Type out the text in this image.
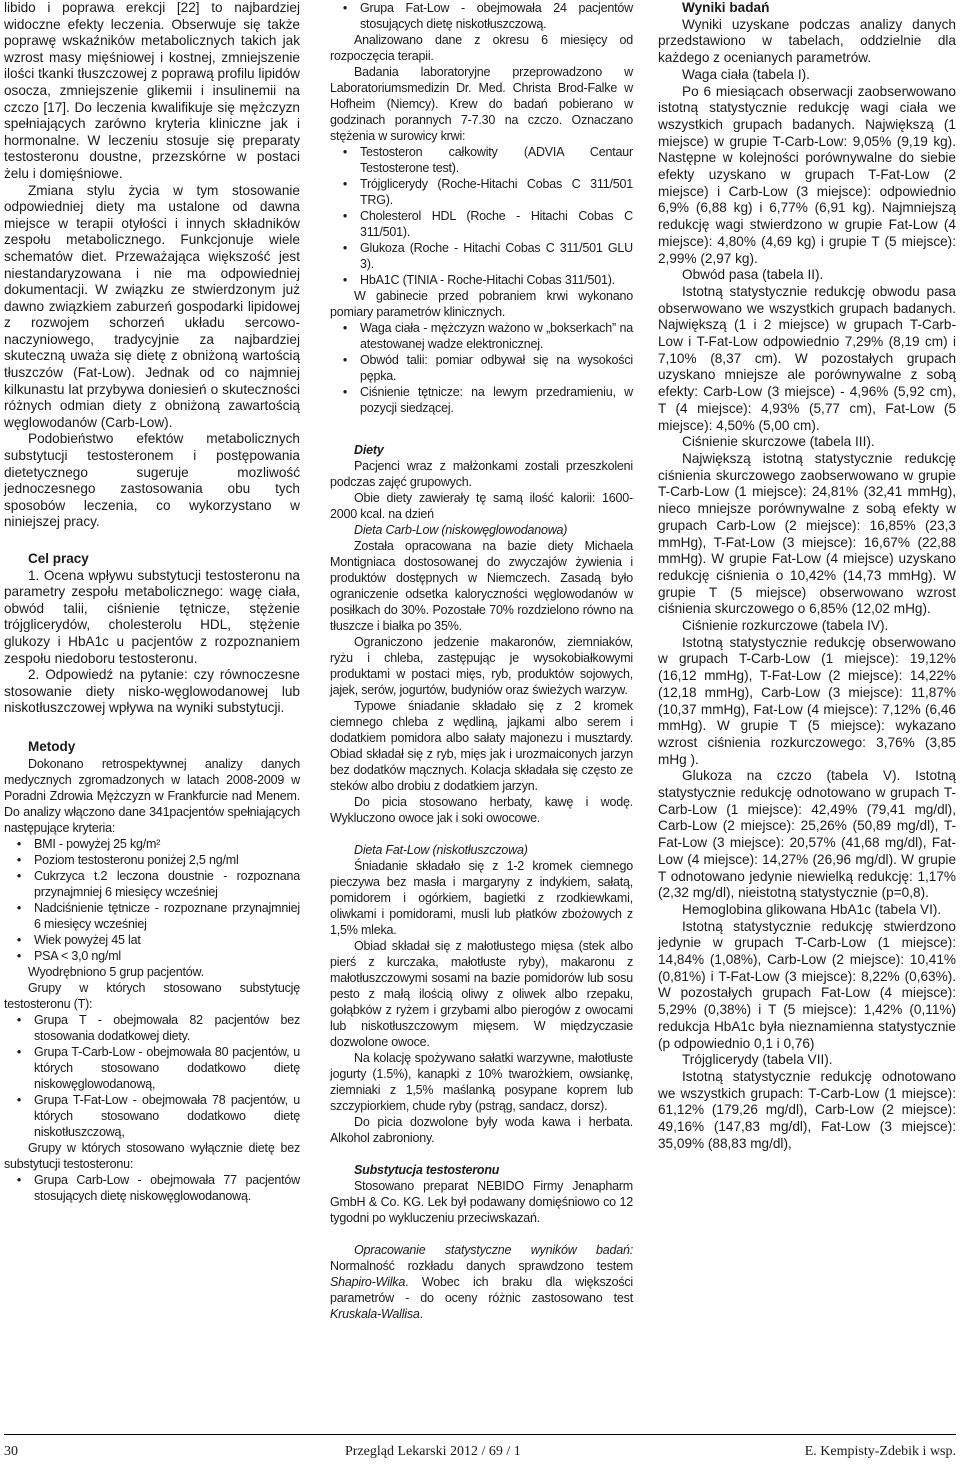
libido i poprawa erekcji [22] to najbardziej widoczne efekty leczenia. Obserwuje się także poprawę wskaźników metabolicznych takich jak wzrost masy mięśniowej i kostnej, zmniejszenie ilości tkanki tłuszczowej z poprawą profilu lipidów osocza, zmniejszenie glikemii i insulinemii na czczo [17]. Do leczenia kwalifikuje się mężczyzn spełniających zarówno kryteria kliniczne jak i hormonalne. W leczeniu stosuje się preparaty testosteronu doustne, przezskórne w postaci żelu i domięśniowe.

Zmiana stylu życia w tym stosowanie odpowiedniej diety ma ustalone od dawna miejsce w terapii otyłości i innych składników zespołu metabolicznego. Funkcjonuje wiele schematów diet. Przeważająca większość jest niestandaryzowana i nie ma odpowiedniej dokumentacji. W związku ze stwierdzonym już dawno związkiem zaburzeń gospodarki lipidowej z rozwojem schorzeń układu sercowo-naczyniowego, tradycyjnie za najbardziej skuteczną uważa się dietę z obniżoną wartością tłuszczów (Fat-Low). Jednak od co najmniej kilkunastu lat przybywa doniesień o skuteczności różnych odmian diety z obniżoną zawartością węglowodanów (Carb-Low).

Podobieństwo efektów metabolicznych substytucji testosteronem i postępowania dietetycznego sugeruje mozliwość jednoczesnego zastosowania obu tych sposobów leczenia, co wykorzystano w niniejszej pracy.

Cel pracy

1. Ocena wpływu substytucji testosteronu na parametry zespołu metabolicznego: wagę ciała, obwód talii, ciśnienie tętnicze, stężenie trójglicerydów, cholesterolu HDL, stężenie glukozy i HbA1c u pacjentów z rozpoznaniem zespołu niedoboru testosteronu.

2. Odpowiedź na pytanie: czy równoczesne stosowanie diety nisko-węglowodanowej lub niskotłuszczowej wpływa na wyniki substytucji.

Metody

Dokonano retrospektywnej analizy danych medycznych zgromadzonych w latach 2008-2009 w Poradni Zdrowia Mężczyzn w Frankfurcie nad Menem. Do analizy włączono dane 341pacjentów spełniających następujące kryteria:

• BMI - powyżej 25 kg/m²

• Poziom testosteronu poniżej 2,5 ng/ml

• Cukrzyca t.2 leczona doustnie - rozpoznana przynajmniej 6 miesięcy wcześniej

• Nadciśnienie tętnicze - rozpoznane przynajmniej 6 miesięcy wcześniej

• Wiek powyżej 45 lat

• PSA < 3,0 ng/ml

Wyodrębniono 5 grup pacjentów.

Grupy w których stosowano substytucję testosteronu (T):

• Grupa T - obejmowała 82 pacjentów bez stosowania dodatkowej diety.

• Grupa T-Carb-Low - obejmowała 80 pacjentów, u których stosowano dodatkowo dietę niskowęglowodanową,

• Grupa T-Fat-Low - obejmowała 78 pacjentów, u których stosowano dodatkowo dietę niskotłuszczową,

Grupy w których stosowano wyłącznie dietę bez substytucji testosteronu:

• Grupa Carb-Low - obejmowała 77 pacjentów stosujących dietę niskowęglowodanową.

• Grupa Fat-Low - obejmowała 24 pacjentów stosujących dietę niskotłuszczową.

Analizowano dane z okresu 6 miesięcy od rozpoczęcia terapii.

Badania laboratoryjne przeprowadzono w Laboratoriumsmedizin Dr. Med. Christa Brod-Falke w Hofheim (Niemcy). Krew do badań pobierano w godzinach porannych 7-7.30 na czczo. Oznaczano stężenia w surowicy krwi:

• Testosteron całkowity (ADVIA Centaur Testosterone test).

• Trójglicerydy (Roche-Hitachi Cobas C 311/501 TRG).

• Cholesterol HDL (Roche - Hitachi Cobas C 311/501).

• Glukoza (Roche - Hitachi Cobas C 311/501 GLU 3).

• HbA1C (TINIA - Roche-Hitachi Cobas 311/501).

W gabinecie przed pobraniem krwi wykonano pomiary parametrów klinicznych.

• Waga ciała - mężczyzn ważono w „bokserkach” na atestowanej wadze elektronicznej.

• Obwód talii: pomiar odbywał się na wysokości pępka.

• Ciśnienie tętnicze: na lewym przedramieniu, w pozycji siedzącej.

Diety

Pacjenci wraz z małżonkami zostali przeszkoleni podczas zajęć grupowych.

Obie diety zawierały tę samą ilość kalorii: 1600-2000 kcal. na dzień

Dieta Carb-Low (niskowęglowodanowa)

Została opracowana na bazie diety Michaela Montigniaca dostosowanej do zwyczajów żywienia i produktów dostępnych w Niemczech. Zasadą było ograniczenie odsetka kaloryczności węglowodanów w posiłkach do 30%. Pozostałe 70% rozdzielono równo na tłuszcze i białka po 35%.

Ograniczono jedzenie makaronów, ziemniaków, ryżu i chleba, zastępując je wysokobiałkowymi produktami w postaci mięs, ryb, produktów sojowych, jajek, serów, jogurtów, budyniów oraz świeżych warzyw.

Typowe śniadanie składało się z 2 kromek ciemnego chleba z wędliną, jajkami albo serem i dodatkiem pomidora albo sałaty majonezu i musztardy. Obiad składał się z ryb, mięs jak i urozmaiconych jarzyn bez dodatków mącznych. Kolacja składała się często ze steków albo drobiu z dodatkiem jarzyn.

Do picia stosowano herbaty, kawę i wodę. Wykluczono owoce jak i soki owocowe.

Dieta Fat-Low (niskotłuszczowa)

Śniadanie składało się z 1-2 kromek ciemnego pieczywa bez masła i margaryny z indykiem, sałatą, pomidorem i ogórkiem, bagietki z rzodkiewkami, oliwkami i pomidorami, musli lub płatków zbożowych z 1,5% mleka.

Obiad składał się z małotłustego mięsa (stek albo pierś z kurczaka, małotłuste ryby), makaronu z małotłuszczowymi sosami na bazie pomidorów lub sosu pesto z małą ilością oliwy z oliwek albo rzepaku, gołąbków z ryżem i grzybami albo pierogów z owocami lub niskotłuszczowym mięsem. W międzyczasie dozwolone owoce.

Na kolację spożywano sałatki warzywne, małotłuste jogurty (1.5%), kanapki z 10% twarożkiem, owsiankę, ziemniaki z 1,5% maślanką posypane koprem lub szczypiorkiem, chude ryby (pstrąg, sandacz, dorsz).

Do picia dozwolone były woda kawa i herbata. Alkohol zabroniony.

Substytucja testosteronu

Stosowano preparat NEBIDO Firmy Jenapharm GmbH & Co. KG. Lek był podawany domięśniowo co 12 tygodni po wykluczeniu przeciwskazań.

Opracowanie statystyczne wyników badań: Normalność rozkładu danych sprawdzono testem Shapiro-Wilka. Wobec ich braku dla większości parametrów - do oceny różnic zastosowano test Kruskala-Wallisa.

Wyniki badań

Wyniki uzyskane podczas analizy danych przedstawiono w tabelach, oddzielnie dla każdego z ocenianych parametrów.

Waga ciała (tabela I).

Po 6 miesiącach obserwacji zaobserwowano istotną statystycznie redukcję wagi ciała we wszystkich grupach badanych. Największą (1 miejsce) w grupie T-Carb-Low: 9,05% (9,19 kg). Następne w kolejności porównywalne do siebie efekty uzyskano w grupach T-Fat-Low (2 miejsce) i Carb-Low (3 miejsce): odpowiednio 6,9% (6,88 kg) i 6,77% (6,91 kg). Najmniejszą redukcję wagi stwierdzono w grupie Fat-Low (4 miejsce): 4,80% (4,69 kg) i grupie T (5 miejsce): 2,99% (2,97 kg).

Obwód pasa (tabela II).

Istotną statystycznie redukcję obwodu pasa obserwowano we wszystkich grupach badanych. Największą (1 i 2 miejsce) w grupach T-Carb-Low i T-Fat-Low odpowiednio 7,29% (8,19 cm) i 7,10% (8,37 cm). W pozostałych grupach uzyskano mniejsze ale porównywalne z sobą efekty: Carb-Low (3 miejsce) - 4,96% (5,92 cm), T (4 miejsce): 4,93% (5,77 cm), Fat-Low (5 miejsce): 4,50% (5,00 cm).

Ciśnienie skurczowe (tabela III).

Największą istotną statystycznie redukcję ciśnienia skurczowego zaobserwowano w grupie T-Carb-Low (1 miejsce): 24,81% (32,41 mmHg), nieco mniejsze porównywalne z sobą efekty w grupach Carb-Low (2 miejsce): 16,85% (23,3 mmHg), T-Fat-Low (3 miejsce): 16,67% (22,88 mmHg). W grupie Fat-Low (4 miejsce) uzyskano redukcję ciśnienia o 10,42% (14,73 mmHg). W grupie T (5 miejsce) obserwowano wzrost ciśnienia skurczowego o 6,85% (12,02 mHg).

Ciśnienie rozkurczowe (tabela IV).

Istotną statystycznie redukcję obserwowano w grupach T-Carb-Low (1 miejsce): 19,12% (16,12 mmHg), T-Fat-Low (2 miejsce): 14,22% (12,18 mmHg), Carb-Low (3 miejsce): 11,87% (10,37 mmHg), Fat-Low (4 miejsce): 7,12% (6,46 mmHg). W grupie T (5 miejsce): wykazano wzrost ciśnienia rozkurczowego: 3,76% (3,85 mHg ).

Glukoza na czczo (tabela V). Istotną statystycznie redukcję odnotowano w grupach T-Carb-Low (1 miejsce): 42,49% (79,41 mg/dl), Carb-Low (2 miejsce): 25,26% (50,89 mg/dl), T-Fat-Low (3 miejsce): 20,57% (41,68 mg/dl), Fat-Low (4 miejsce): 14,27% (26,96 mg/dl). W grupie T odnotowano jedynie niewielką redukcję: 1,17% (2,32 mg/dl), nieistotną statystycznie (p=0,8).

Hemoglobina glikowana HbA1c (tabela VI).

Istotną statystycznie redukcję stwierdzono jedynie w grupach T-Carb-Low (1 miejsce): 14,84% (1,08%), Carb-Low (2 miejsce): 10,41% (0,81%) i T-Fat-Low (3 miejsce): 8,22% (0,63%). W pozostałych grupach Fat-Low (4 miejsce): 5,29% (0,38%) i T (5 miejsce): 1,42% (0,11%) redukcja HbA1c była nieznamienna statystycznie (p odpowiednio 0,1 i 0,76)

Trójglicerydy (tabela VII).

Istotną statystycznie redukcję odnotowano we wszystkich grupach: T-Carb-Low (1 miejsce): 61,12% (179,26 mg/dl), Carb-Low (2 miejsce): 49,16% (147,83 mg/dl), Fat-Low (3 miejsce): 35,09% (88,83 mg/dl),

30	Przegląd Lekarski 2012 / 69 / 1	E. Kempisty-Zdebik i wsp.
